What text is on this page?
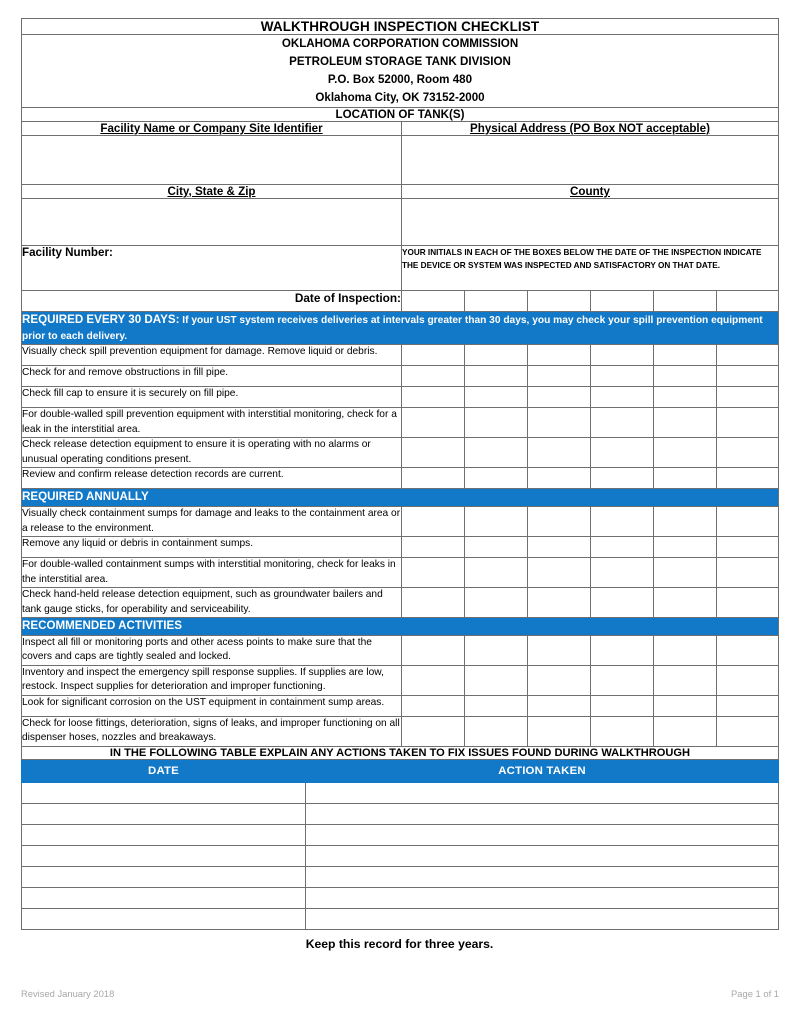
WALKTHROUGH INSPECTION CHECKLIST						

OKLAHOMA CORPORATION COMMISSION
PETROLEUM STORAGE TANK DIVISION
P.O. Box 52000, Room 480
Oklahoma City, OK 73152-2000						

LOCATION OF TANK(S)						
Facility Name or Company Site Identifier	Physical Address (PO Box NOT acceptable)					

City, State & Zip	County					

Facility Number:	YOUR INITIALS IN EACH OF THE BOXES BELOW THE DATE OF THE INSPECTION INDICATE THE DEVICE OR SYSTEM WAS INSPECTED AND SATISFACTORY ON THAT DATE.					
Date of Inspection:						
REQUIRED EVERY 30 DAYS: If your UST system receives deliveries at intervals greater than 30 days, you may check your spill prevention equipment prior to each delivery.						
Visually check spill prevention equipment for damage. Remove liquid or debris.						
Check for and remove obstructions in fill pipe.						
Check fill cap to ensure it is securely on fill pipe.						
For double-walled spill prevention equipment with interstitial monitoring, check for a leak in the interstitial area.						
Check release detection equipment to ensure it is operating with no alarms or unusual operating conditions present.						
Review and confirm release detection records are current.						
REQUIRED ANNUALLY						
Visually check containment sumps for damage and leaks to the containment area or a release to the environment.						
Remove any liquid or debris in containment sumps.						
For double-walled containment sumps with interstitial monitoring, check for leaks in the interstitial area.						
Check hand-held release detection equipment, such as groundwater bailers and tank gauge sticks, for operability and serviceability.						
RECOMMENDED ACTIVITIES						
Inspect all fill or monitoring ports and other acess points to make sure that the covers and caps are tightly sealed and locked.						
Inventory and inspect the emergency spill response supplies. If supplies are low, restock. Inspect supplies for deterioration and improper functioning.						
Look for significant corrosion on the UST equipment in containment sump areas.						
Check for loose fittings, deterioration, signs of leaks, and improper functioning on all dispenser hoses, nozzles and breakaways.						
IN THE FOLLOWING TABLE EXPLAIN ANY ACTIONS TAKEN TO FIX ISSUES FOUND DURING WALKTHROUGH						
DATE	ACTION TAKEN

Keep this record for three years.
Revised January 2018	Page 1 of 1
